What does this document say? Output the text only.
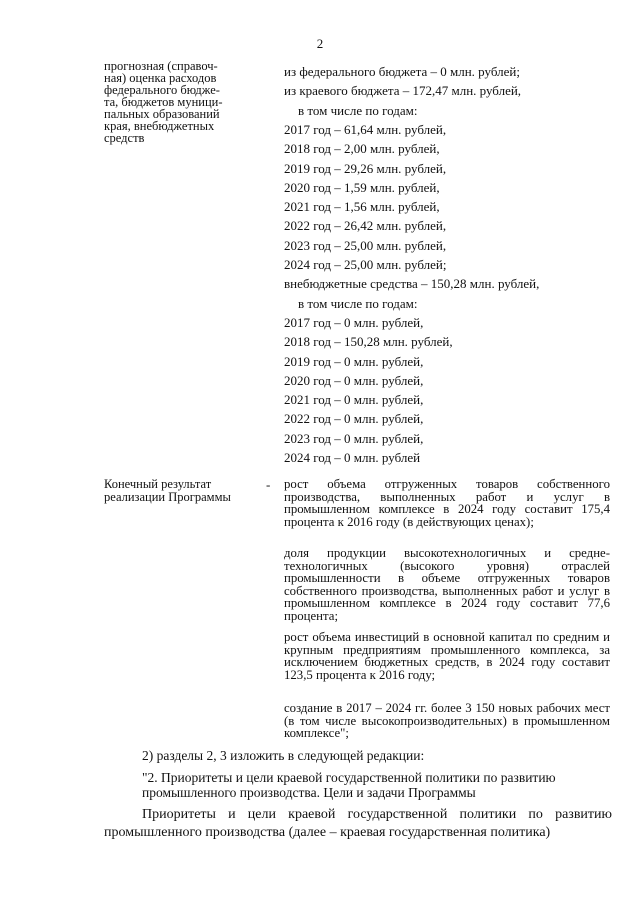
2
прогнозная (справоч-
ная) оценка расходов
федерального бюдже-
та, бюджетов муници-
пальных образований
края, внебюджетных
средств
из федерального бюджета – 0 млн. рублей;
из краевого бюджета – 172,47 млн. рублей,
в том числе по годам:
2017 год – 61,64 млн. рублей,
2018 год – 2,00 млн. рублей,
2019 год – 29,26 млн. рублей,
2020 год – 1,59 млн. рублей,
2021 год – 1,56 млн. рублей,
2022 год – 26,42 млн. рублей,
2023 год – 25,00 млн. рублей,
2024 год – 25,00 млн. рублей;
внебюджетные средства – 150,28 млн. рублей,
в том числе по годам:
2017 год – 0 млн. рублей,
2018 год – 150,28 млн. рублей,
2019 год – 0 млн. рублей,
2020 год – 0 млн. рублей,
2021 год – 0 млн. рублей,
2022 год – 0 млн. рублей,
2023 год – 0 млн. рублей,
2024 год – 0 млн. рублей
Конечный результат
реализации Программы
- рост объема отгруженных товаров собственного производства, выполненных работ и услуг в промышленном комплексе в 2024 году составит 175,4 процента к 2016 году (в действующих ценах);
доля продукции высокотехнологичных и средне-технологичных (высокого уровня) отраслей промышленности в объеме отгруженных товаров собственного производства, выполненных работ и услуг в промышленном комплексе в 2024 году составит 77,6 процента;
рост объема инвестиций в основной капитал по средним и крупным предприятиям промышленного комплекса, за исключением бюджетных средств, в 2024 году составит 123,5 процента к 2016 году;
создание в 2017 – 2024 гг. более 3 150 новых рабочих мест (в том числе высокопроизводительных) в промышленном комплексе";
2) разделы 2, 3 изложить в следующей редакции:
"2. Приоритеты и цели краевой государственной политики по развитию промышленного производства. Цели и задачи Программы
Приоритеты и цели краевой государственной политики по развитию промышленного производства (далее – краевая государственная политика)
